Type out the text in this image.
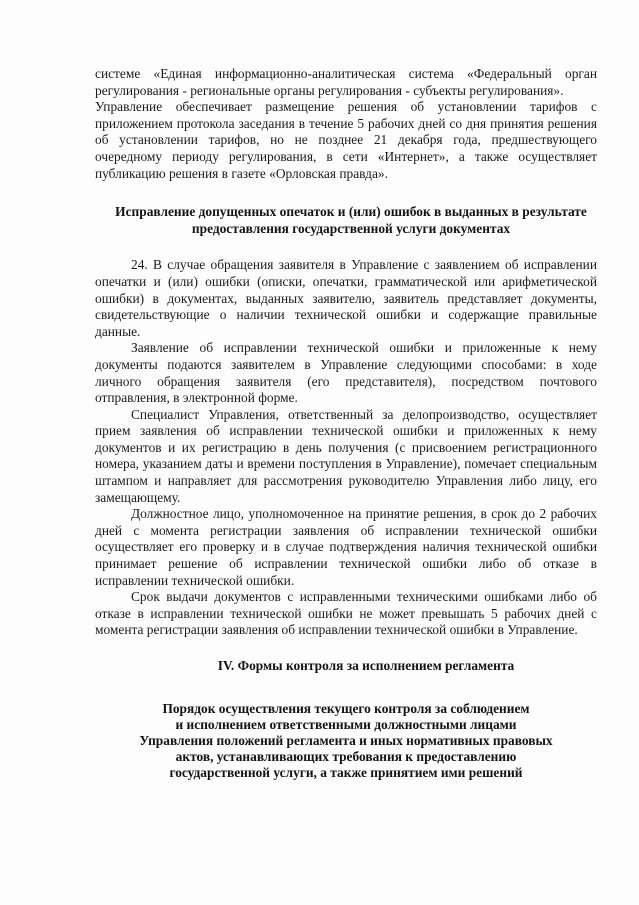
системе «Единая информационно-аналитическая система «Федеральный орган регулирования - региональные органы регулирования - субъекты регулирования».

Управление обеспечивает размещение решения об установлении тарифов с приложением протокола заседания в течение 5 рабочих дней со дня принятия решения об установлении тарифов, но не позднее 21 декабря года, предшествующего очередному периоду регулирования, в сети «Интернет», а также осуществляет публикацию решения в газете «Орловская правда».

Исправление допущенных опечаток и (или) ошибок в выданных в результате предоставления государственной услуги документах

24. В случае обращения заявителя в Управление с заявлением об исправлении опечатки и (или) ошибки (описки, опечатки, грамматической или арифметической ошибки) в документах, выданных заявителю, заявитель представляет документы, свидетельствующие о наличии технической ошибки и содержащие правильные данные.

Заявление об исправлении технической ошибки и приложенные к нему документы подаются заявителем в Управление следующими способами: в ходе личного обращения заявителя (его представителя), посредством почтового отправления, в электронной форме.

Специалист Управления, ответственный за делопроизводство, осуществляет прием заявления об исправлении технической ошибки и приложенных к нему документов и их регистрацию в день получения (с присвоением регистрационного номера, указанием даты и времени поступления в Управление), помечает специальным штампом и направляет для рассмотрения руководителю Управления либо лицу, его замещающему.

Должностное лицо, уполномоченное на принятие решения, в срок до 2 рабочих дней с момента регистрации заявления об исправлении технической ошибки осуществляет его проверку и в случае подтверждения наличия технической ошибки принимает решение об исправлении технической ошибки либо об отказе в исправлении технической ошибки.

Срок выдачи документов с исправленными техническими ошибками либо об отказе в исправлении технической ошибки не может превышать 5 рабочих дней с момента регистрации заявления об исправлении технической ошибки в Управление.

IV. Формы контроля за исполнением регламента

Порядок осуществления текущего контроля за соблюдением
и исполнением ответственными должностными лицами
Управления положений регламента и иных нормативных правовых
актов, устанавливающих требования к предоставлению
государственной услуги, а также принятием ими решений
